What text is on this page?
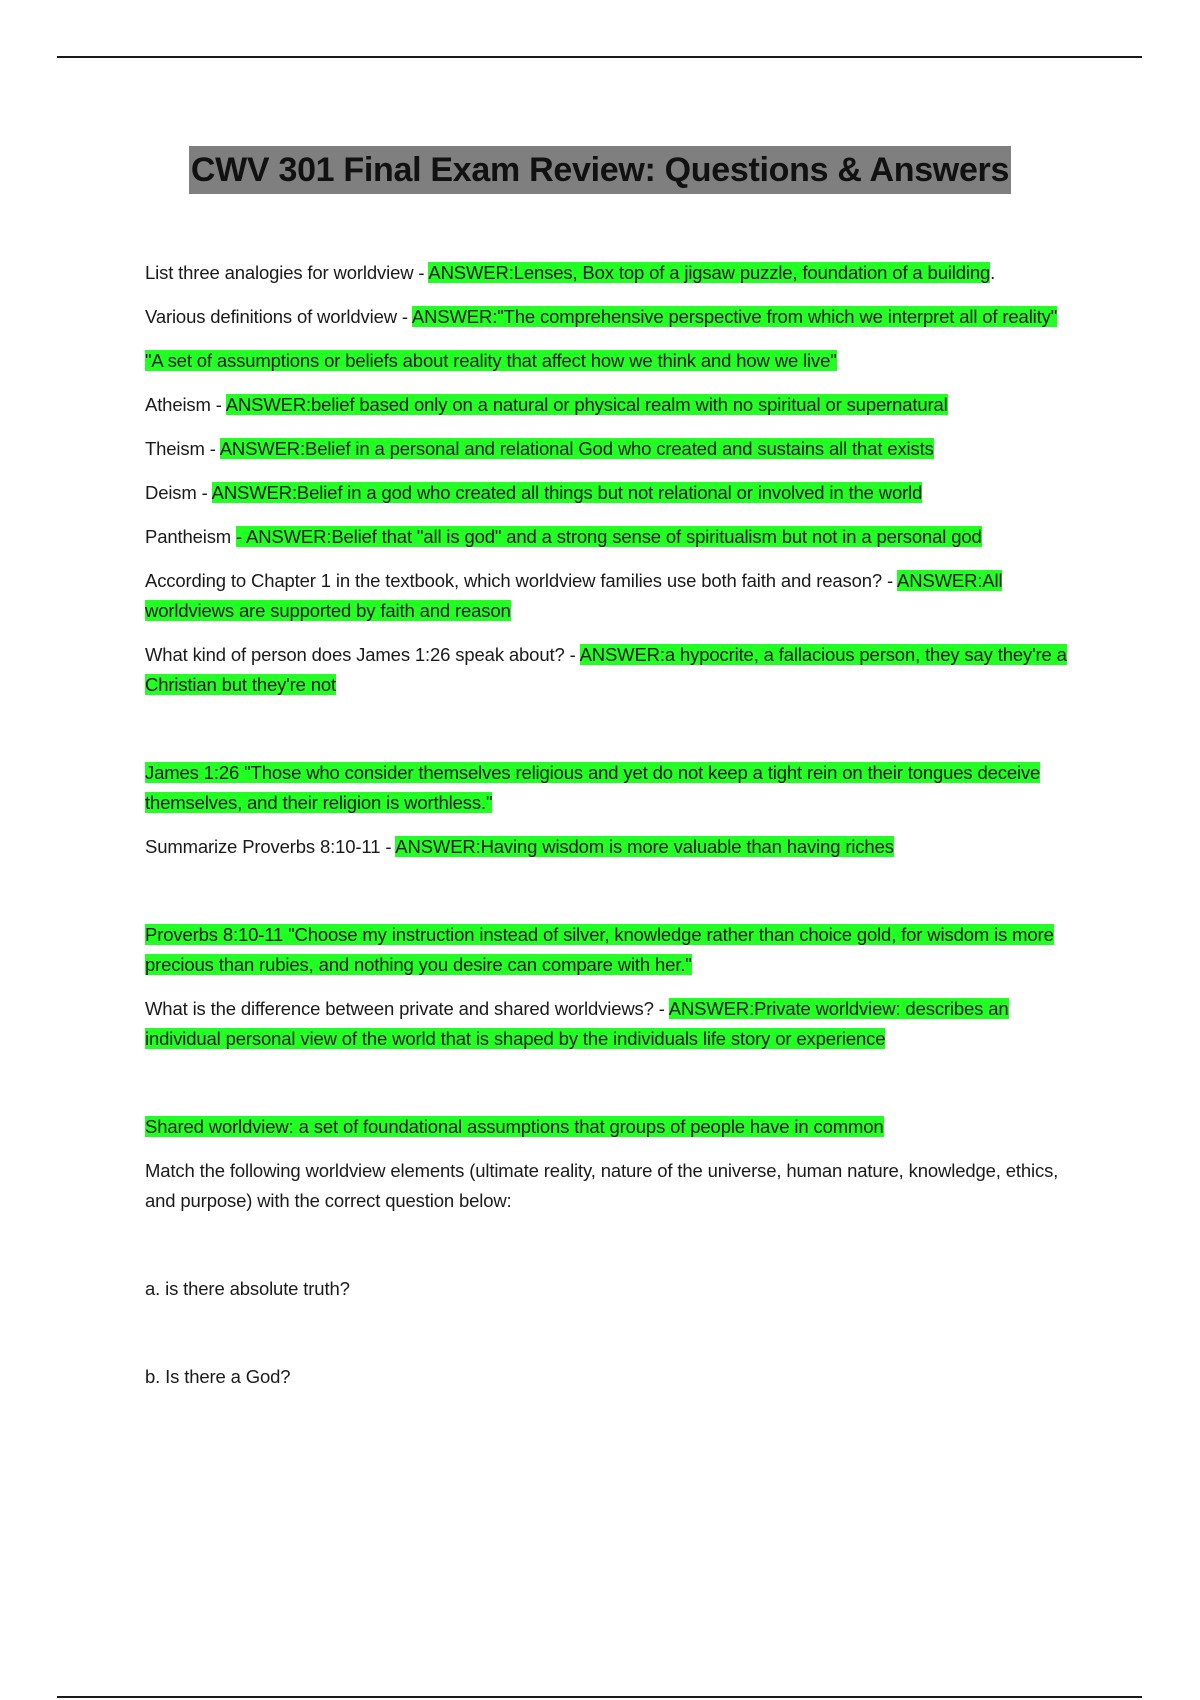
CWV 301 Final Exam Review: Questions & Answers

List three analogies for worldview - ANSWER:Lenses, Box top of a jigsaw puzzle, foundation of a building.

Various definitions of worldview - ANSWER:"The comprehensive perspective from which we interpret all of reality"

"A set of assumptions or beliefs about reality that affect how we think and how we live"

Atheism - ANSWER:belief based only on a natural or physical realm with no spiritual or supernatural

Theism - ANSWER:Belief in a personal and relational God who created and sustains all that exists

Deism - ANSWER:Belief in a god who created all things but not relational or involved in the world

Pantheism - ANSWER:Belief that "all is god" and a strong sense of spiritualism but not in a personal god

According to Chapter 1 in the textbook, which worldview families use both faith and reason? - ANSWER:All worldviews are supported by faith and reason

What kind of person does James 1:26 speak about? - ANSWER:a hypocrite, a fallacious person, they say they're a Christian but they're not

James 1:26 "Those who consider themselves religious and yet do not keep a tight rein on their tongues deceive themselves, and their religion is worthless."

Summarize Proverbs 8:10-11 - ANSWER:Having wisdom is more valuable than having riches

Proverbs 8:10-11 "Choose my instruction instead of silver, knowledge rather than choice gold, for wisdom is more precious than rubies, and nothing you desire can compare with her."

What is the difference between private and shared worldviews? - ANSWER:Private worldview: describes an individual personal view of the world that is shaped by the individuals life story or experience

Shared worldview: a set of foundational assumptions that groups of people have in common

Match the following worldview elements (ultimate reality, nature of the universe, human nature, knowledge, ethics, and purpose) with the correct question below:

a. is there absolute truth?

b. Is there a God?
